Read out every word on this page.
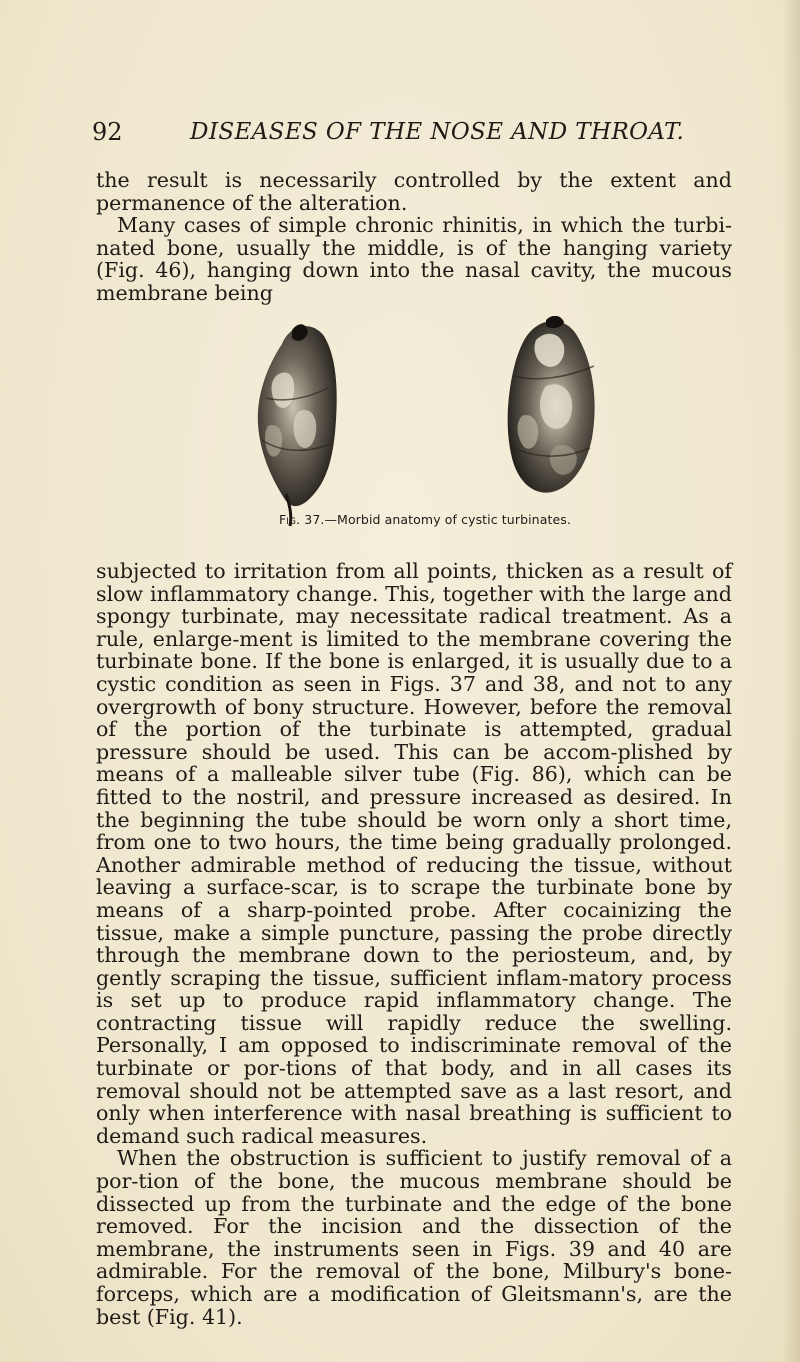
92	DISEASES OF THE NOSE AND THROAT.

the result is necessarily controlled by the extent and permanence of the alteration.

Many cases of simple chronic rhinitis, in which the turbi-nated bone, usually the middle, is of the hanging variety (Fig. 46), hanging down into the nasal cavity, the mucous membrane being

Fig. 37.—Morbid anatomy of cystic turbinates.

subjected to irritation from all points, thicken as a result of slow inflammatory change. This, together with the large and spongy turbinate, may necessitate radical treatment. As a rule, enlarge-ment is limited to the membrane covering the turbinate bone. If the bone is enlarged, it is usually due to a cystic condition as seen in Figs. 37 and 38, and not to any overgrowth of bony structure. However, before the removal of the portion of the turbinate is attempted, gradual pressure should be used. This can be accom-plished by means of a malleable silver tube (Fig. 86), which can be fitted to the nostril, and pressure increased as desired. In the beginning the tube should be worn only a short time, from one to two hours, the time being gradually prolonged. Another admirable method of reducing the tissue, without leaving a surface-scar, is to scrape the turbinate bone by means of a sharp-pointed probe. After cocainizing the tissue, make a simple puncture, passing the probe directly through the membrane down to the periosteum, and, by gently scraping the tissue, sufficient inflam-matory process is set up to produce rapid inflammatory change. The contracting tissue will rapidly reduce the swelling. Personally, I am opposed to indiscriminate removal of the turbinate or por-tions of that body, and in all cases its removal should not be attempted save as a last resort, and only when interference with nasal breathing is sufficient to demand such radical measures.

When the obstruction is sufficient to justify removal of a por-tion of the bone, the mucous membrane should be dissected up from the turbinate and the edge of the bone removed. For the incision and the dissection of the membrane, the instruments seen in Figs. 39 and 40 are admirable. For the removal of the bone, Milbury's bone-forceps, which are a modification of Gleitsmann's, are the best (Fig. 41).
